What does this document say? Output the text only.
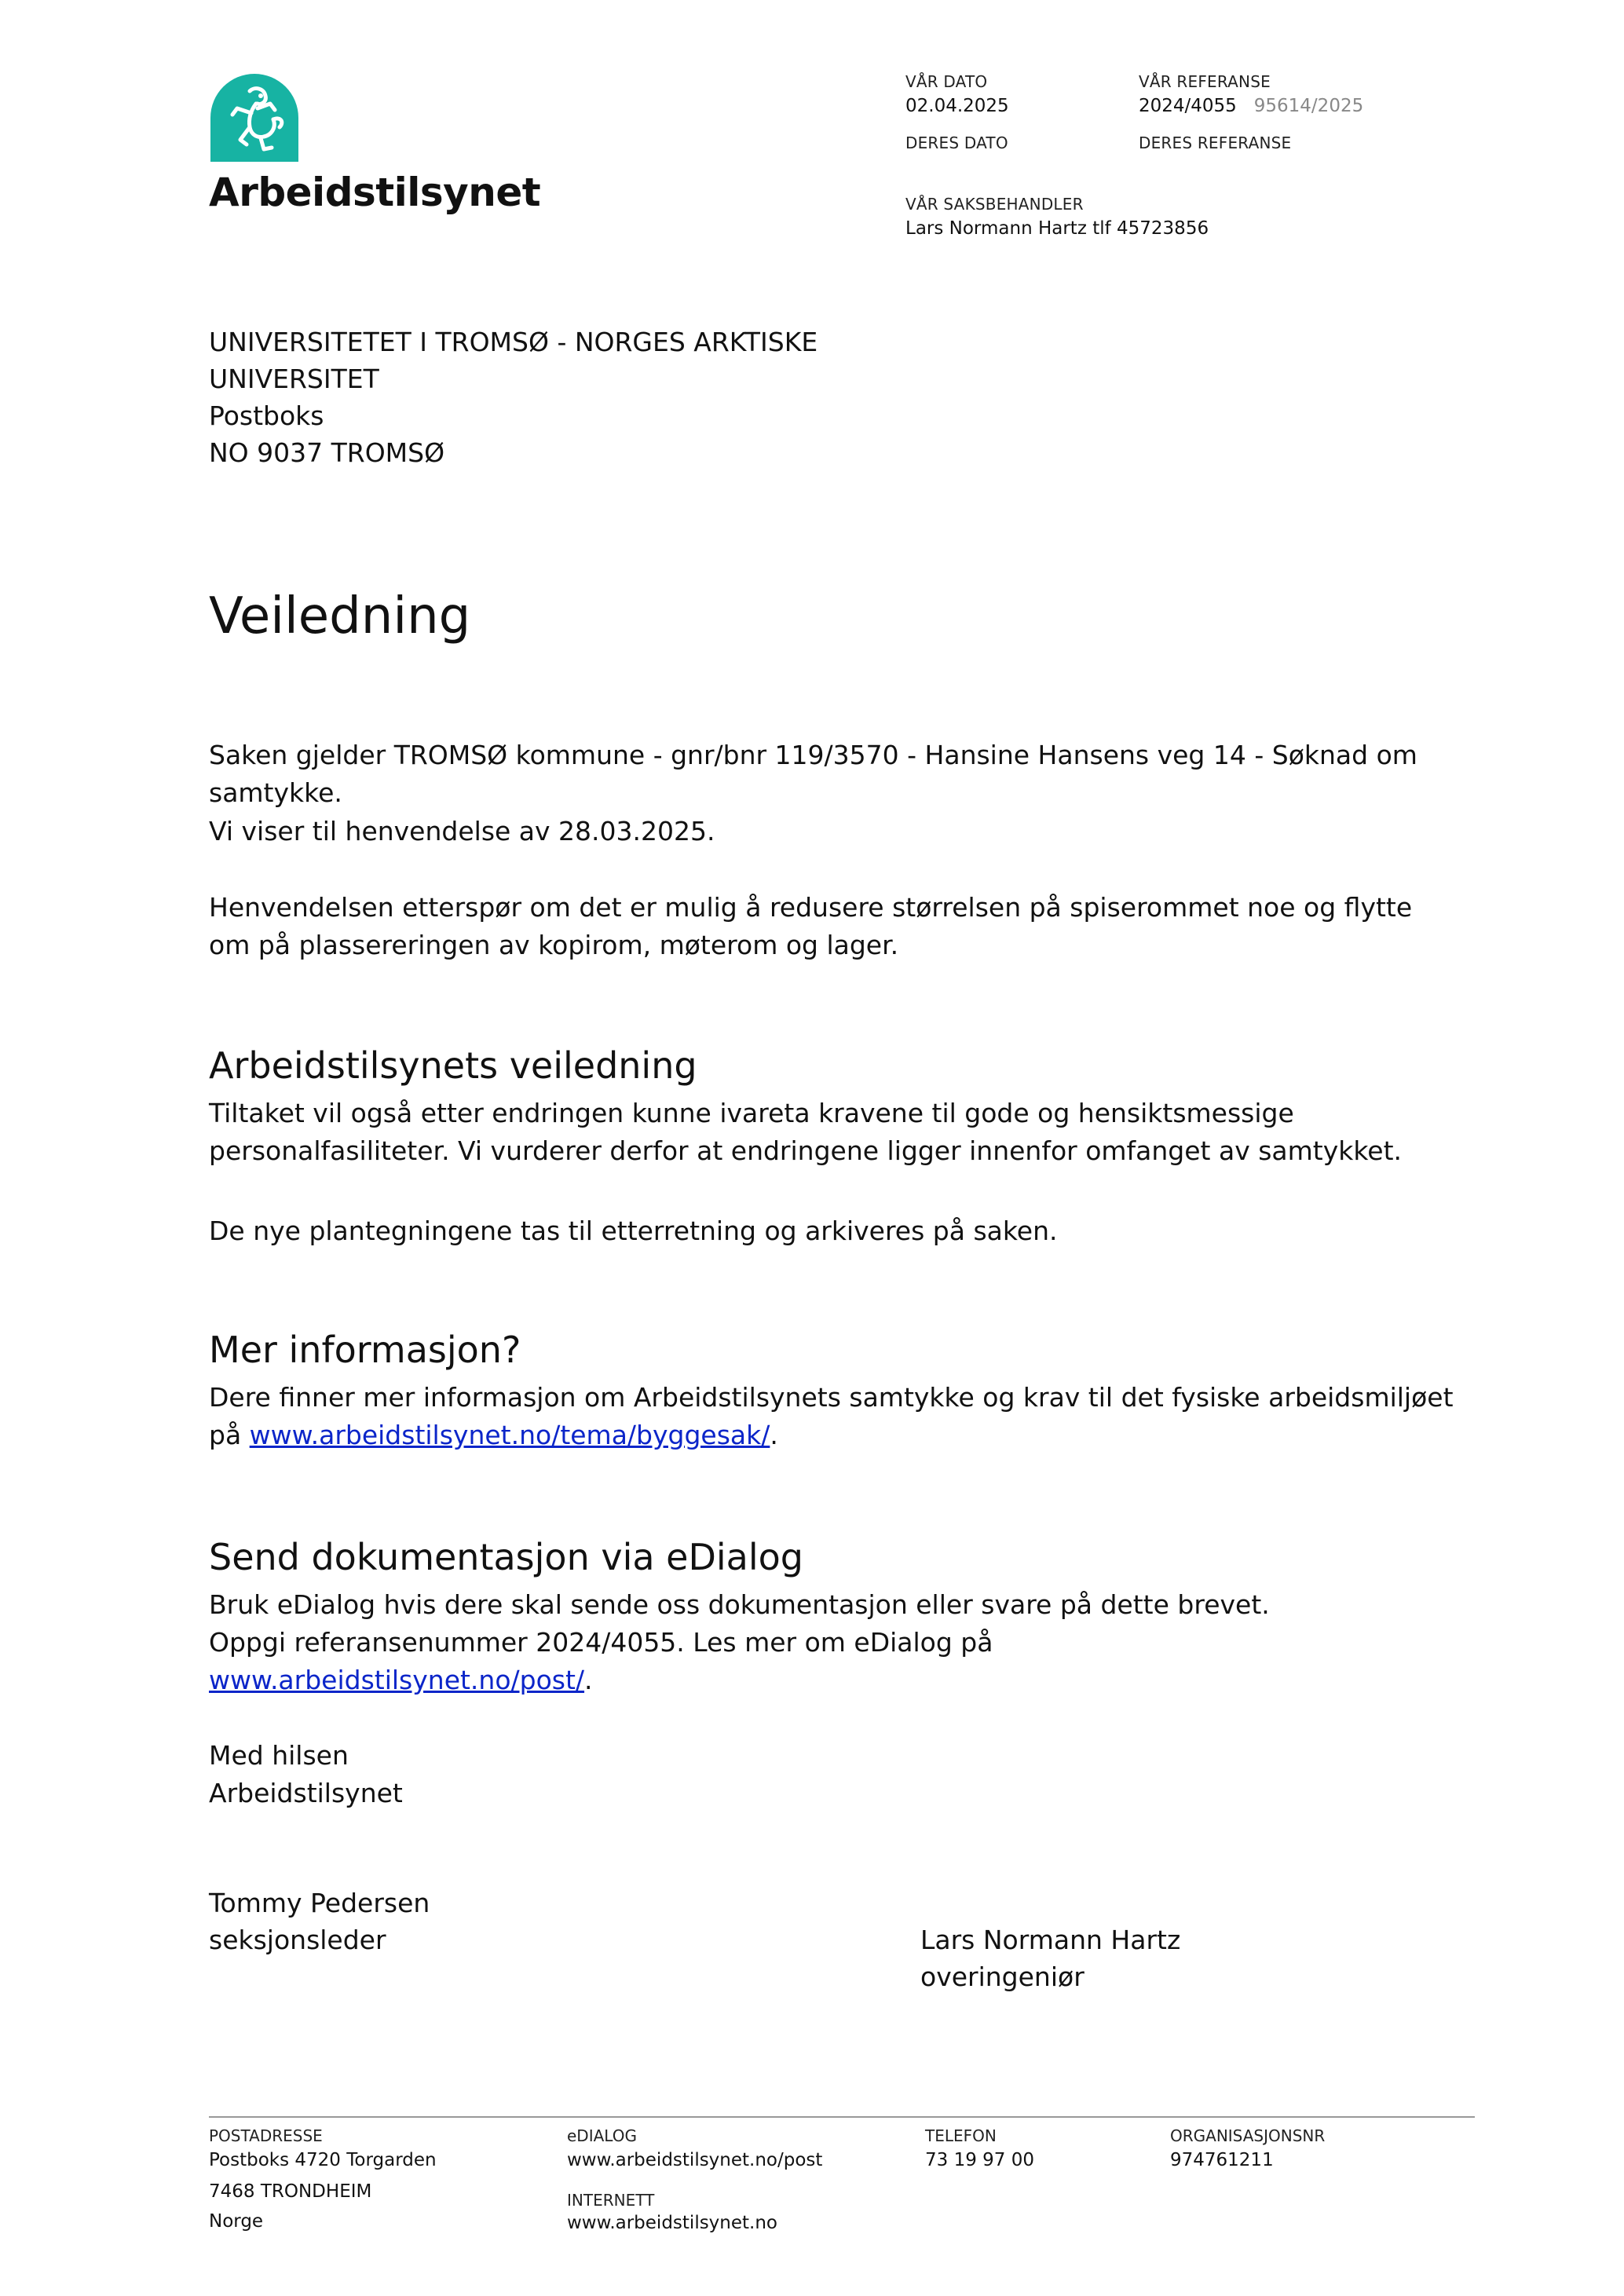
Arbeidstilsynet
VÅR DATO
02.04.2025
VÅR REFERANSE
2024/4055 95614/2025
DERES DATO	DERES REFERANSE
VÅR SAKSBEHANDLER
Lars Normann Hartz tlf 45723856
UNIVERSITETET I TROMSØ - NORGES ARKTISKE
UNIVERSITET
Postboks
NO 9037 TROMSØ
Veiledning
Saken gjelder TROMSØ kommune - gnr/bnr 119/3570 - Hansine Hansens veg 14 - Søknad om samtykke.
Vi viser til henvendelse av 28.03.2025.
Henvendelsen etterspør om det er mulig å redusere størrelsen på spiserommet noe og flytte om på plassereringen av kopirom, møterom og lager.
Arbeidstilsynets veiledning
Tiltaket vil også etter endringen kunne ivareta kravene til gode og hensiktsmessige personalfasiliteter. Vi vurderer derfor at endringene ligger innenfor omfanget av samtykket.
De nye plantegningene tas til etterretning og arkiveres på saken.
Mer informasjon?
Dere finner mer informasjon om Arbeidstilsynets samtykke og krav til det fysiske arbeidsmiljøet på www.arbeidstilsynet.no/tema/byggesak/.
Send dokumentasjon via eDialog
Bruk eDialog hvis dere skal sende oss dokumentasjon eller svare på dette brevet. Oppgi referansenummer 2024/4055. Les mer om eDialog på www.arbeidstilsynet.no/post/.
Med hilsen
Arbeidstilsynet
Tommy Pedersen
seksjonsleder	Lars Normann Hartz
overingeniør
POSTADRESSE
Postboks 4720 Torgarden
7468 TRONDHEIM
Norge
eDIALOG
www.arbeidstilsynet.no/post
INTERNETT
www.arbeidstilsynet.no
TELEFON
73 19 97 00
ORGANISASJONSNR
974761211
